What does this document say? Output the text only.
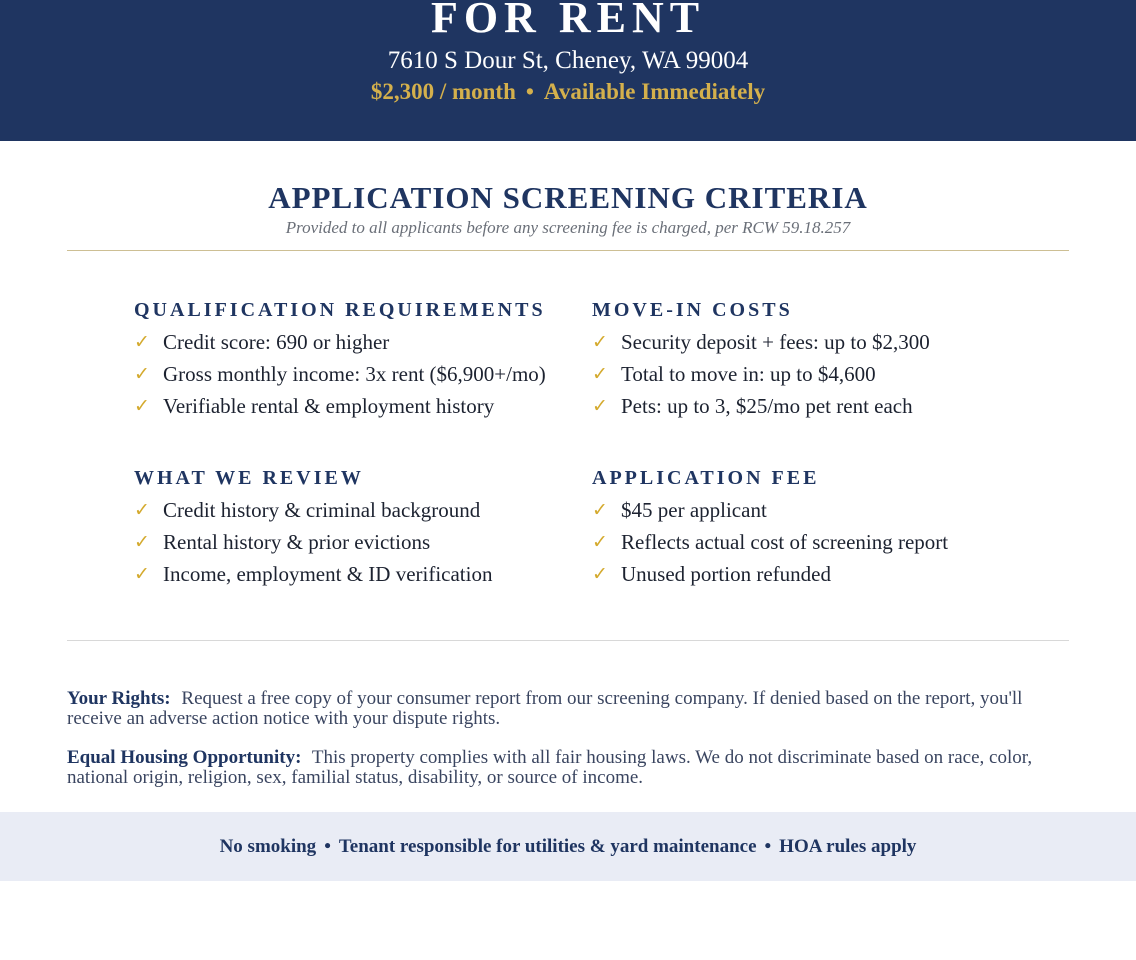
FOR RENT
7610 S Dour St, Cheney, WA 99004
$2,300 / month • Available Immediately
APPLICATION SCREENING CRITERIA
Provided to all applicants before any screening fee is charged, per RCW 59.18.257
QUALIFICATION REQUIREMENTS
✓ Credit score: 690 or higher
✓ Gross monthly income: 3x rent ($6,900+/mo)
✓ Verifiable rental & employment history
MOVE-IN COSTS
✓ Security deposit + fees: up to $2,300
✓ Total to move in: up to $4,600
✓ Pets: up to 3, $25/mo pet rent each
WHAT WE REVIEW
✓ Credit history & criminal background
✓ Rental history & prior evictions
✓ Income, employment & ID verification
APPLICATION FEE
✓ $45 per applicant
✓ Reflects actual cost of screening report
✓ Unused portion refunded

Your Rights: Request a free copy of your consumer report from our screening company. If denied based on the report, you'll receive an adverse action notice with your dispute rights.

Equal Housing Opportunity: This property complies with all fair housing laws. We do not discriminate based on race, color, national origin, religion, sex, familial status, disability, or source of income.

No smoking • Tenant responsible for utilities & yard maintenance • HOA rules apply
